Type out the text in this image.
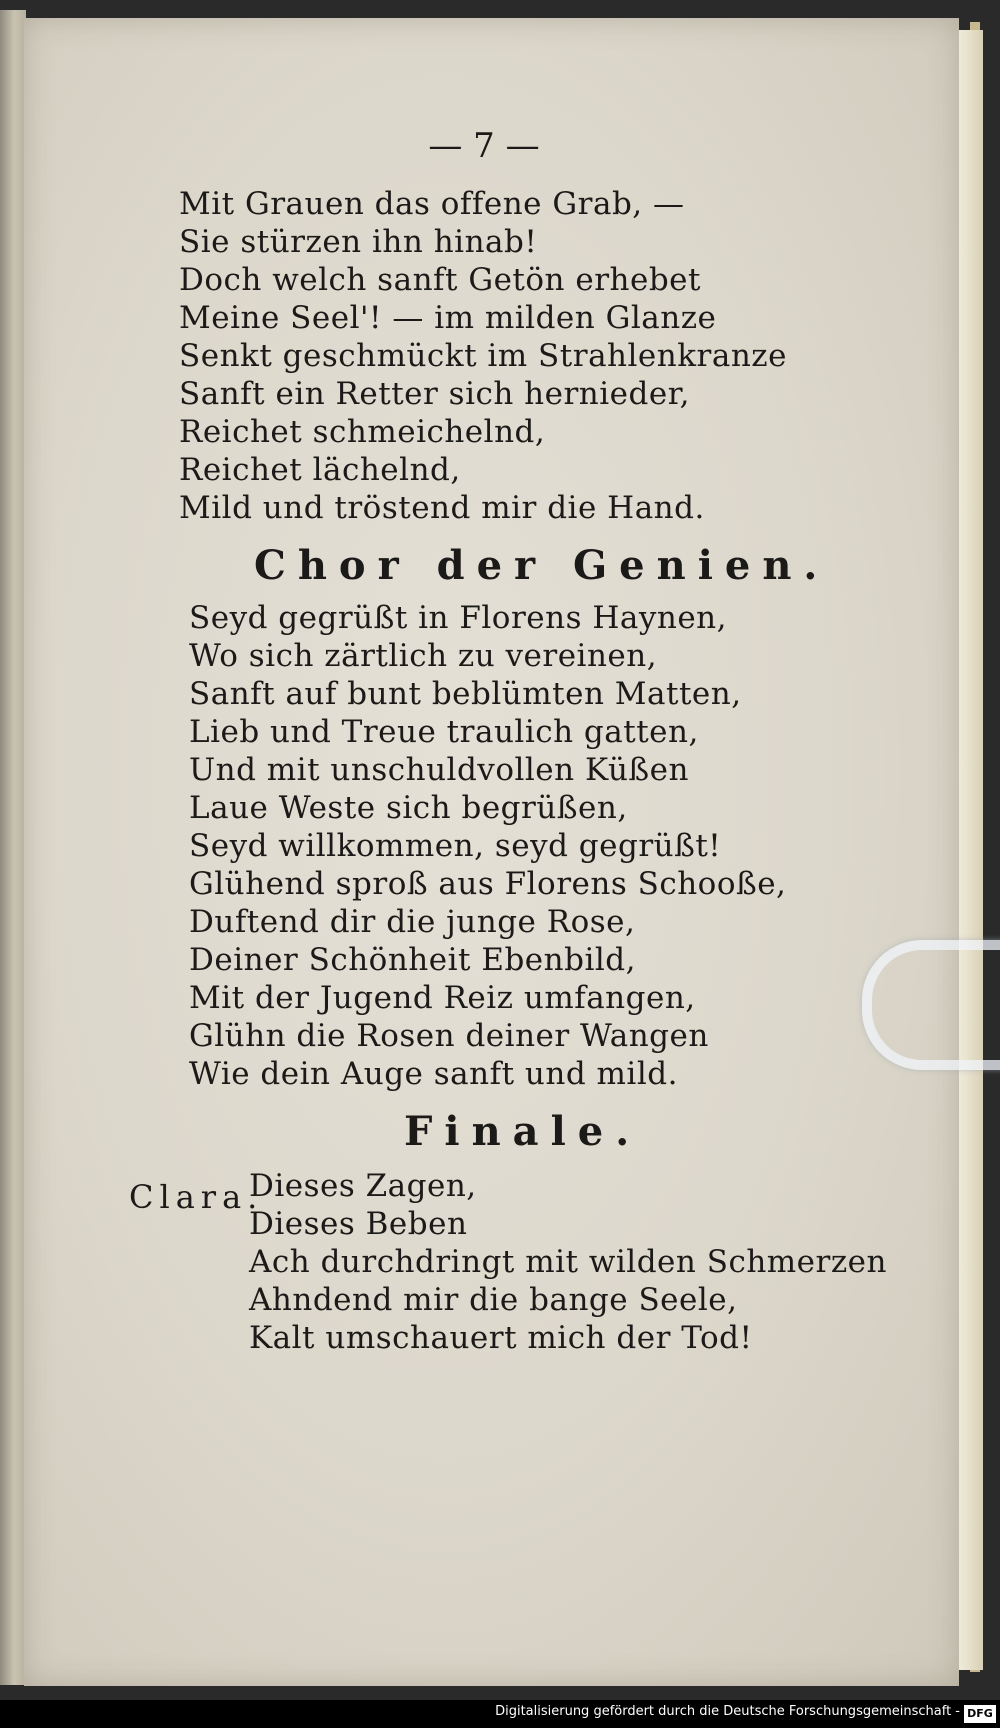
— 7 —
Mit Grauen das offene Grab, —
Sie stürzen ihn hinab!
Doch welch sanft Getön erhebet
Meine Seel'! — im milden Glanze
Senkt geschmückt im Strahlenkranze
Sanft ein Retter sich hernieder,
Reichet schmeichelnd,
Reichet lächelnd,
Mild und tröstend mir die Hand.
Chor der Genien.
Seyd gegrüßt in Florens Haynen,
Wo sich zärtlich zu vereinen,
Sanft auf bunt beblümten Matten,
Lieb und Treue traulich gatten,
Und mit unschuldvollen Küßen
Laue Weste sich begrüßen,
Seyd willkommen, seyd gegrüßt!
Glühend sproß aus Florens Schooße,
Duftend dir die junge Rose,
Deiner Schönheit Ebenbild,
Mit der Jugend Reiz umfangen,
Glühn die Rosen deiner Wangen
Wie dein Auge sanft und mild.
Finale.
Clara.
Dieses Zagen,
Dieses Beben
Ach durchdringt mit wilden Schmerzen
Ahndend mir die bange Seele,
Kalt umschauert mich der Tod!
Digitalisierung gefördert durch die Deutsche Forschungsgemeinschaft - DFG
